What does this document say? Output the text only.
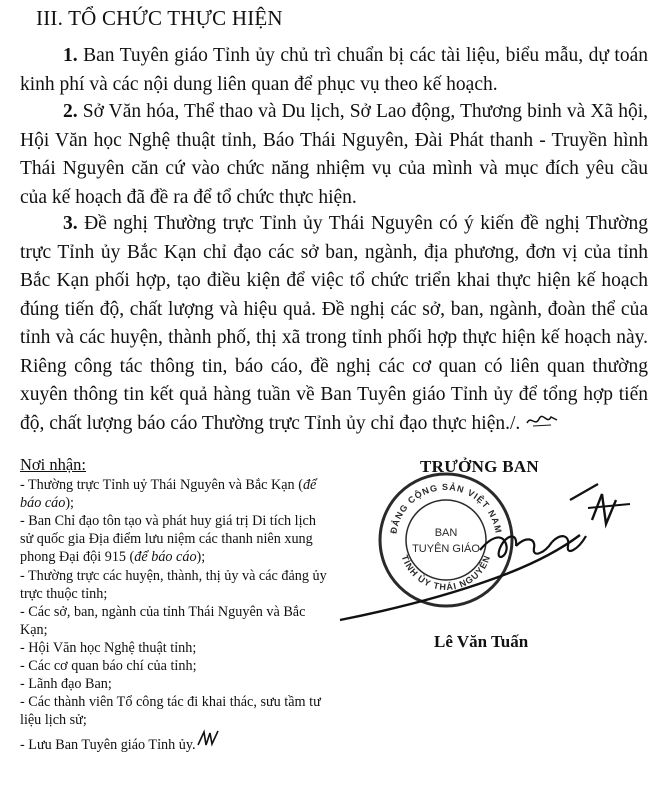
III. TỔ CHỨC THỰC HIỆN
1. Ban Tuyên giáo Tỉnh ủy chủ trì chuẩn bị các tài liệu, biểu mẫu, dự toán kinh phí và các nội dung liên quan để phục vụ theo kế hoạch.
2. Sở Văn hóa, Thể thao và Du lịch, Sở Lao động, Thương binh và Xã hội, Hội Văn học Nghệ thuật tỉnh, Báo Thái Nguyên, Đài Phát thanh - Truyền hình Thái Nguyên căn cứ vào chức năng nhiệm vụ của mình và mục đích yêu cầu của kế hoạch đã đề ra để tổ chức thực hiện.
3. Đề nghị Thường trực Tỉnh ủy Thái Nguyên có ý kiến đề nghị Thường trực Tỉnh ủy Bắc Kạn chỉ đạo các sở ban, ngành, địa phương, đơn vị của tỉnh Bắc Kạn phối hợp, tạo điều kiện để việc tổ chức triển khai thực hiện kế hoạch đúng tiến độ, chất lượng và hiệu quả. Đề nghị các sở, ban, ngành, đoàn thể của tỉnh và các huyện, thành phố, thị xã trong tỉnh phối hợp thực hiện kế hoạch này. Riêng công tác thông tin, báo cáo, đề nghị các cơ quan có liên quan thường xuyên thông tin kết quả hàng tuần về Ban Tuyên giáo Tỉnh ủy để tổng hợp tiến độ, chất lượng báo cáo Thường trực Tỉnh ủy chỉ đạo thực hiện./.
Nơi nhận:
- Thường trực Tỉnh uỷ Thái Nguyên và Bắc Kạn (để báo cáo);
- Ban Chỉ đạo tôn tạo và phát huy giá trị Di tích lịch sử quốc gia Địa điểm lưu niệm các thanh niên xung phong Đại đội 915 (để báo cáo);
- Thường trực các huyện, thành, thị ủy và các đảng ủy trực thuộc tỉnh;
- Các sở, ban, ngành của tỉnh Thái Nguyên và Bắc Kạn;
- Hội Văn học Nghệ thuật tỉnh;
- Các cơ quan báo chí của tỉnh;
- Lãnh đạo Ban;
- Các thành viên Tổ công tác đi khai thác, sưu tầm tư liệu lịch sử;
- Lưu Ban Tuyên giáo Tỉnh ủy.
TRƯỞNG BAN
ĐẢNG CỘNG SẢN VIỆT NAM
TỈNH ỦY THÁI NGUYÊN
BAN
TUYÊN GIÁO
Lê Văn Tuấn
